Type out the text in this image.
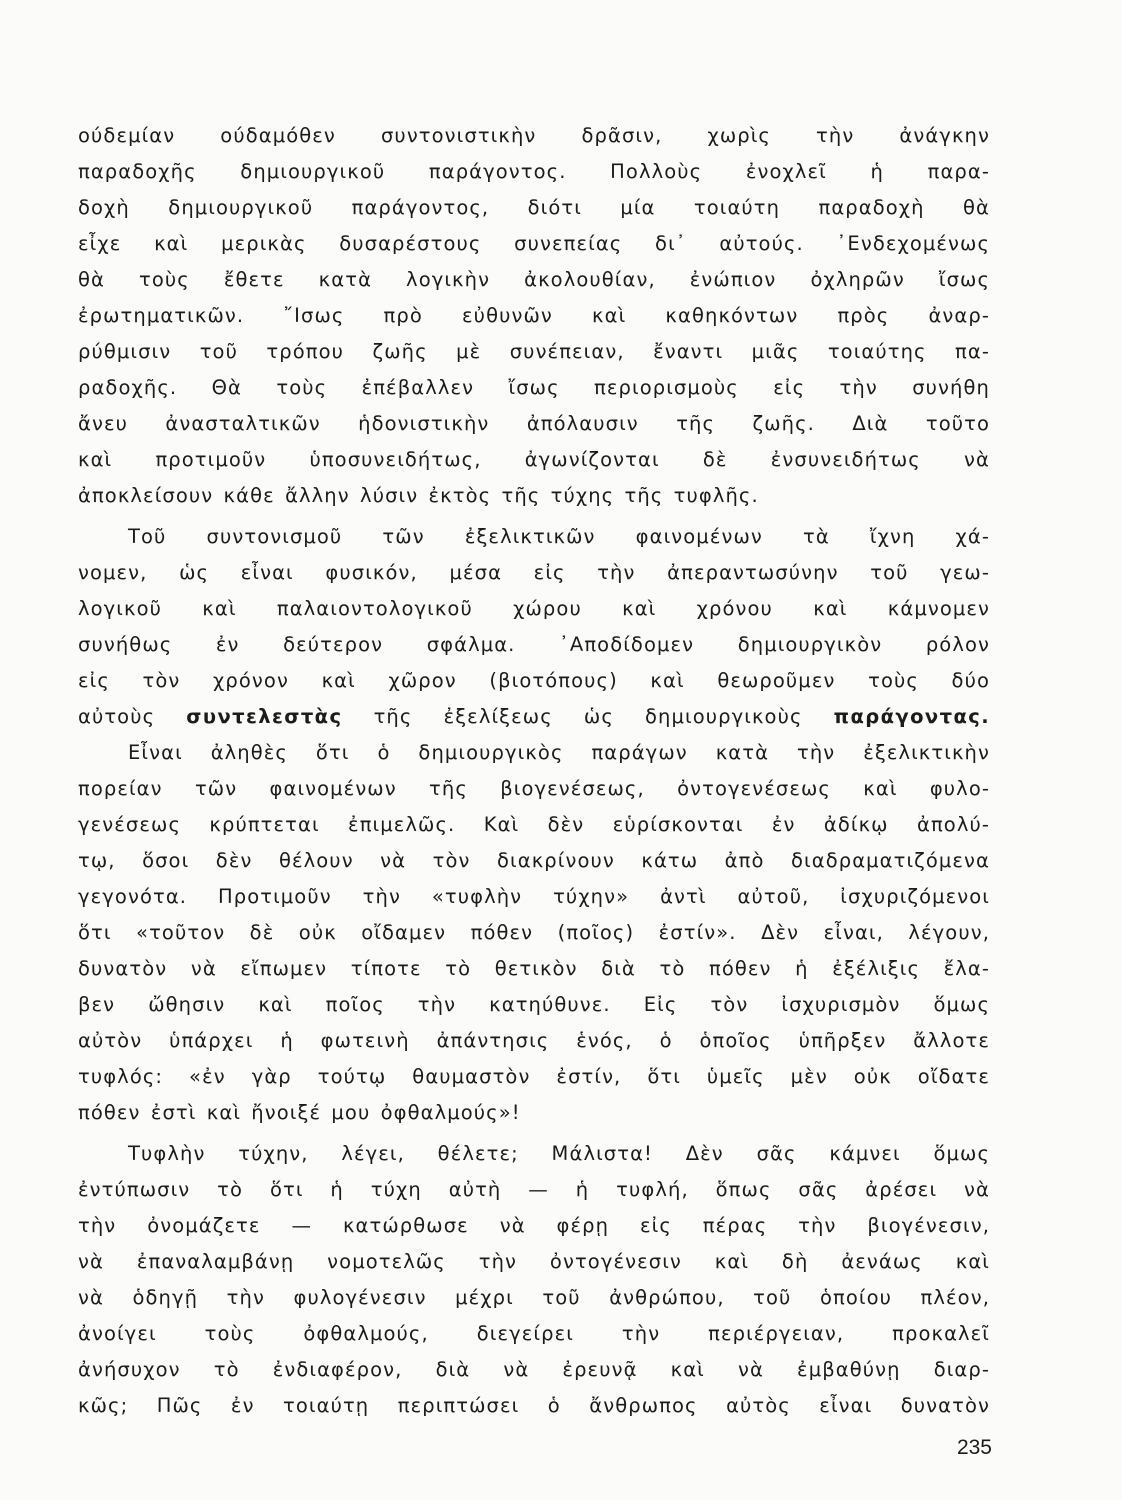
ούδεμίαν ούδαμόθεν συντονιστικὴν δρᾶσιν, χωρὶς τὴν ἀνάγκην
παραδοχῆς δημιουργικοῦ παράγοντος. Πολλοὺς ἐνοχλεῖ ἡ παρα-
δοχὴ δημιουργικοῦ παράγοντος, διότι μία τοιαύτη παραδοχὴ θὰ
εἶχε καὶ μερικὰς δυσαρέστους συνεπείας δι᾽ αὐτούς. ᾿Ενδεχομένως
θὰ τοὺς ἔθετε κατὰ λογικὴν ἀκολουθίαν, ἐνώπιον ὀχληρῶν ἴσως
ἐρωτηματικῶν. ῎Ισως πρὸ εὐθυνῶν καὶ καθηκόντων πρὸς ἀναρ-
ρύθμισιν τοῦ τρόπου ζωῆς μὲ συνέπειαν, ἔναντι μιᾶς τοιαύτης πα-
ραδοχῆς. Θὰ τοὺς ἐπέβαλλεν ἴσως περιορισμοὺς εἰς τὴν συνήθη
ἄνευ ἀνασταλτικῶν ἡδονιστικὴν ἀπόλαυσιν τῆς ζωῆς. Διὰ τοῦτο
καὶ προτιμοῦν ὑποσυνειδήτως, ἀγωνίζονται δὲ ἐνσυνειδήτως νὰ
ἀποκλείσουν κάθε ἄλλην λύσιν ἐκτὸς τῆς τύχης τῆς τυφλῆς.
Τοῦ συντονισμοῦ τῶν ἐξελικτικῶν φαινομένων τὰ ἴχνη χά-
νομεν, ὡς εἶναι φυσικόν, μέσα εἰς τὴν ἀπεραντωσύνην τοῦ γεω-
λογικοῦ καὶ παλαιοντολογικοῦ χώρου καὶ χρόνου καὶ κάμνομεν
συνήθως ἐν δεύτερον σφάλμα. ᾿Αποδίδομεν δημιουργικὸν ρόλον
εἰς τὸν χρόνον καὶ χῶρον (βιοτόπους) καὶ θεωροῦμεν τοὺς δύο
αὐτοὺς συντελεστὰς τῆς ἐξελίξεως ὡς δημιουργικοὺς παράγοντας.
Εἶναι ἀληθὲς ὅτι ὁ δημιουργικὸς παράγων κατὰ τὴν ἐξελικτικὴν
πορείαν τῶν φαινομένων τῆς βιογενέσεως, ὀντογενέσεως καὶ φυλο-
γενέσεως κρύπτεται ἐπιμελῶς. Καὶ δὲν εὑρίσκονται ἐν ἀδίκῳ ἀπολύ-
τῳ, ὅσοι δὲν θέλουν νὰ τὸν διακρίνουν κάτω ἀπὸ διαδραματιζόμενα
γεγονότα. Προτιμοῦν τὴν «τυφλὴν τύχην» ἀντὶ αὐτοῦ, ἰσχυριζόμενοι
ὅτι «τοῦτον δὲ οὐκ οἴδαμεν πόθεν (ποῖος) ἐστίν». Δὲν εἶναι, λέγουν,
δυνατὸν νὰ εἴπωμεν τίποτε τὸ θετικὸν διὰ τὸ πόθεν ἡ ἐξέλιξις ἔλα-
βεν ὤθησιν καὶ ποῖος τὴν κατηύθυνε. Εἰς τὸν ἰσχυρισμὸν ὅμως
αὐτὸν ὑπάρχει ἡ φωτεινὴ ἀπάντησις ἑνός, ὁ ὁποῖος ὑπῆρξεν ἄλλοτε
τυφλός: «ἐν γὰρ τούτῳ θαυμαστὸν ἐστίν, ὅτι ὑμεῖς μὲν οὐκ οἴδατε
πόθεν ἐστὶ καὶ ἤνοιξέ μου ὀφθαλμούς»!
Τυφλὴν τύχην, λέγει, θέλετε; Μάλιστα! Δὲν σᾶς κάμνει ὅμως
ἐντύπωσιν τὸ ὅτι ἡ τύχη αὐτὴ — ἡ τυφλή, ὅπως σᾶς ἀρέσει νὰ
τὴν ὀνομάζετε — κατώρθωσε νὰ φέρῃ εἰς πέρας τὴν βιογένεσιν,
νὰ ἐπαναλαμβάνῃ νομοτελῶς τὴν ὀντογένεσιν καὶ δὴ ἀενάως καὶ
νὰ ὁδηγῇ τὴν φυλογένεσιν μέχρι τοῦ ἀνθρώπου, τοῦ ὁποίου πλέον,
ἀνοίγει τοὺς ὀφθαλμούς, διεγείρει τὴν περιέργειαν, προκαλεῖ
ἀνήσυχον τὸ ἐνδιαφέρον, διὰ νὰ ἐρευνᾷ καὶ νὰ ἐμβαθύνῃ διαρ-
κῶς; Πῶς ἐν τοιαύτῃ περιπτώσει ὁ ἄνθρωπος αὐτὸς εἶναι δυνατὸν
235
